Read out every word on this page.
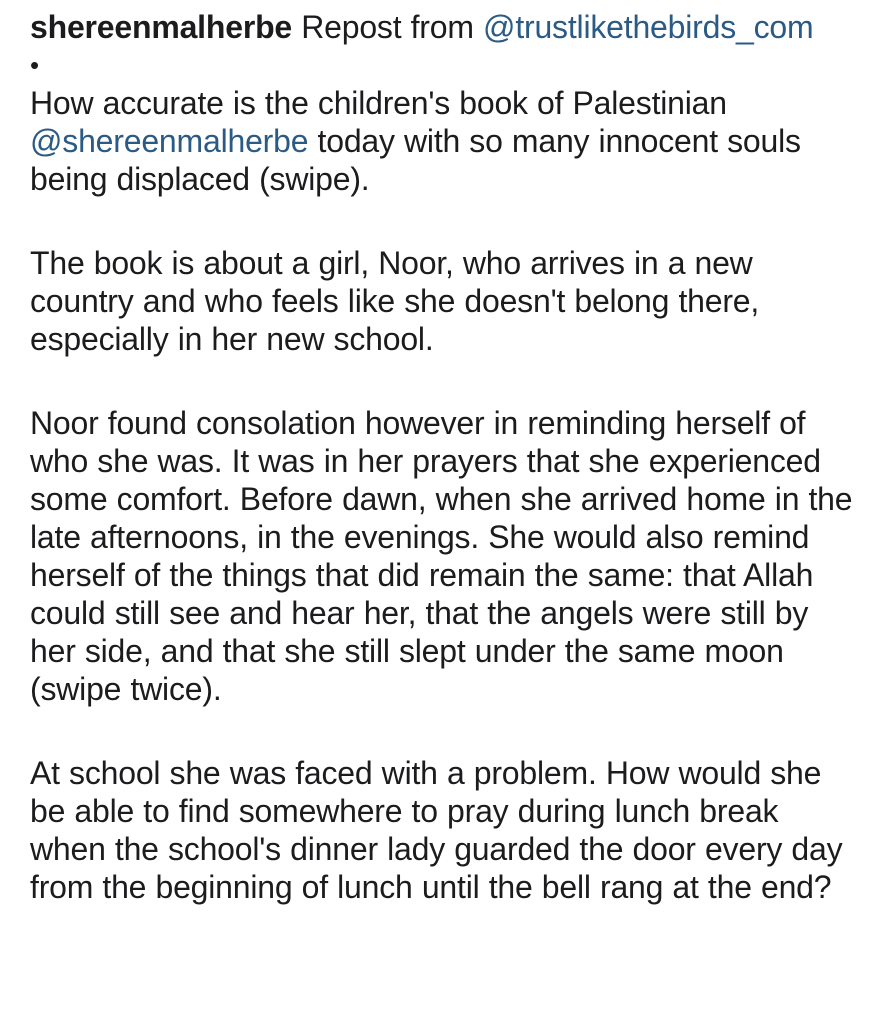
shereenmalherbe Repost from @trustlikethebirds_com

•

How accurate is the children's book of Palestinian @shereenmalherbe today with so many innocent souls being displaced (swipe).

The book is about a girl, Noor, who arrives in a new country and who feels like she doesn't belong there, especially in her new school.

Noor found consolation however in reminding herself of who she was. It was in her prayers that she experienced some comfort. Before dawn, when she arrived home in the late afternoons, in the evenings. She would also remind herself of the things that did remain the same: that Allah could still see and hear her, that the angels were still by her side, and that she still slept under the same moon (swipe twice).

At school she was faced with a problem. How would she be able to find somewhere to pray during lunch break when the school's dinner lady guarded the door every day from the beginning of lunch until the bell rang at the end?
